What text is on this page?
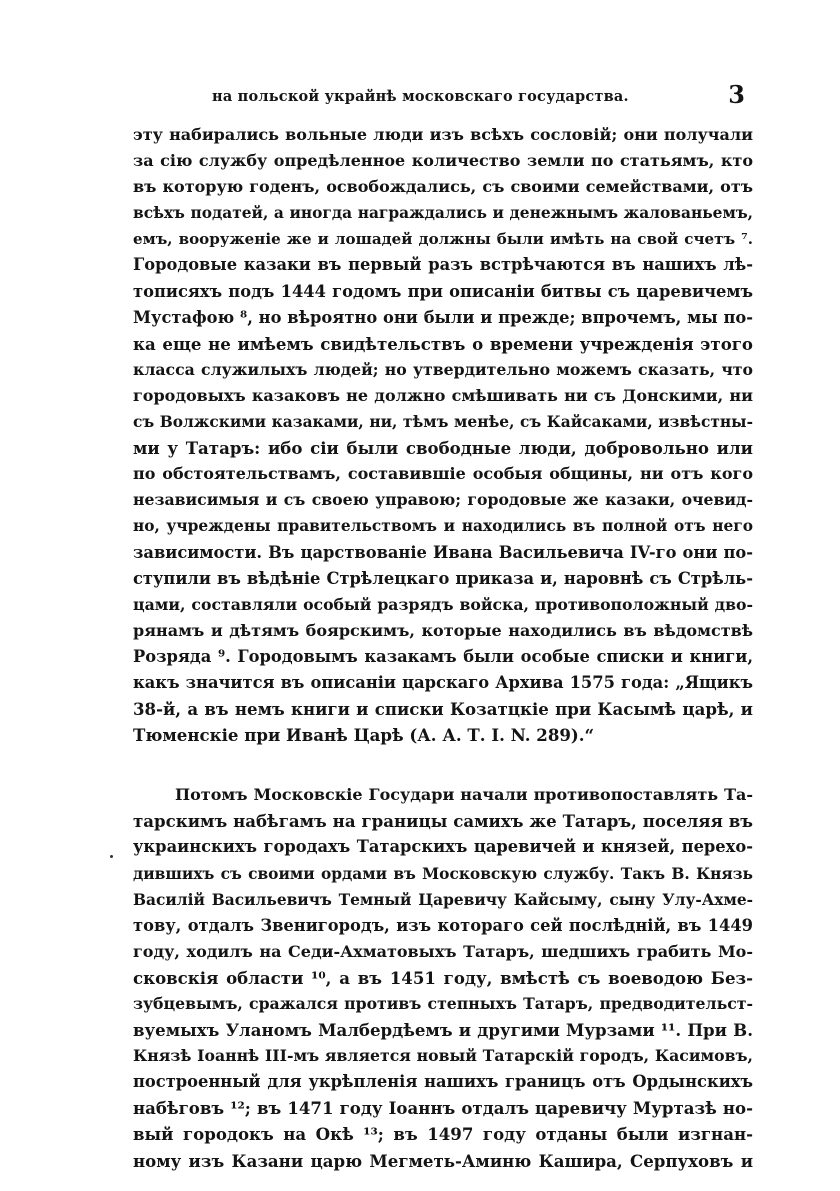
на польской украйнѣ московскаго государства.	3
эту набирались вольные люди изъ всѣхъ сословій; они получали
за сію службу опредѣленное количество земли по статьямъ, кто
въ которую годенъ, освобождались, съ своими семействами, отъ
всѣхъ податей, а иногда награждались и денежнымъ жалованьемъ,
емъ, вооруженіе же и лошадей должны были имѣть на свой счетъ ⁷.
Городовые казаки въ первый разъ встрѣчаются въ нашихъ лѣ-
тописяхъ подъ 1444 годомъ при описаніи битвы съ царевичемъ
Мустафою ⁸, но вѣроятно они были и прежде; впрочемъ, мы по-
ка еще не имѣемъ свидѣтельствъ о времени учрежденія этого
класса служилыхъ людей; но утвердительно можемъ сказать, что
городовыхъ казаковъ не должно смѣшивать ни съ Донскими, ни
съ Волжскими казаками, ни, тѣмъ менѣе, съ Кайсаками, извѣстны-
ми у Татаръ: ибо сіи были свободные люди, добровольно или
по обстоятельствамъ, составившіе особыя общины, ни отъ кого
независимыя и съ своею управою; городовые же казаки, очевид-
но, учреждены правительствомъ и находились въ полной отъ него
зависимости. Въ царствованіе Ивана Васильевича IV-го они по-
ступили въ вѣдѣніе Стрѣлецкаго приказа и, наровнѣ съ Стрѣль-
цами, составляли особый разрядъ войска, противоположный дво-
рянамъ и дѣтямъ боярскимъ, которые находились въ вѣдомствѣ
Розряда ⁹. Городовымъ казакамъ были особые списки и книги,
какъ значится въ описаніи царскаго Архива 1575 года: „Ящикъ
38-й, а въ немъ книги и списки Козатцкіе при Касымѣ царѣ, и
Тюменскіе при Иванѣ Царѣ (А. А. Т. I. N. 289).“
Потомъ Московскіе Государи начали противопоставлять Та-
тарскимъ набѣгамъ на границы самихъ же Татаръ, поселяя въ
украинскихъ городахъ Татарскихъ царевичей и князей, перехо-
дившихъ съ своими ордами въ Московскую службу. Такъ В. Князь
Василій Васильевичъ Темный Царевичу Кайсыму, сыну Улу-Ахме-
тову, отдалъ Звенигородъ, изъ котораго сей послѣдній, въ 1449
году, ходилъ на Седи-Ахматовыхъ Татаръ, шедшихъ грабить Мо-
сковскія области ¹⁰, а въ 1451 году, вмѣстѣ съ воеводою Без-
зубцевымъ, сражался противъ степныхъ Татаръ, предводительст-
вуемыхъ Уланомъ Малбердѣемъ и другими Мурзами ¹¹. При В.
Князѣ Іоаннѣ III-мъ является новый Татарскій городъ, Касимовъ,
построенный для укрѣпленія нашихъ границъ отъ Ордынскихъ
набѣговъ ¹²; въ 1471 году Іоаннъ отдалъ царевичу Муртазѣ но-
вый городокъ на Окѣ ¹³; въ 1497 году отданы были изгнан-
ному изъ Казани царю Мегметь-Аминю Кашира, Серпуховъ и
